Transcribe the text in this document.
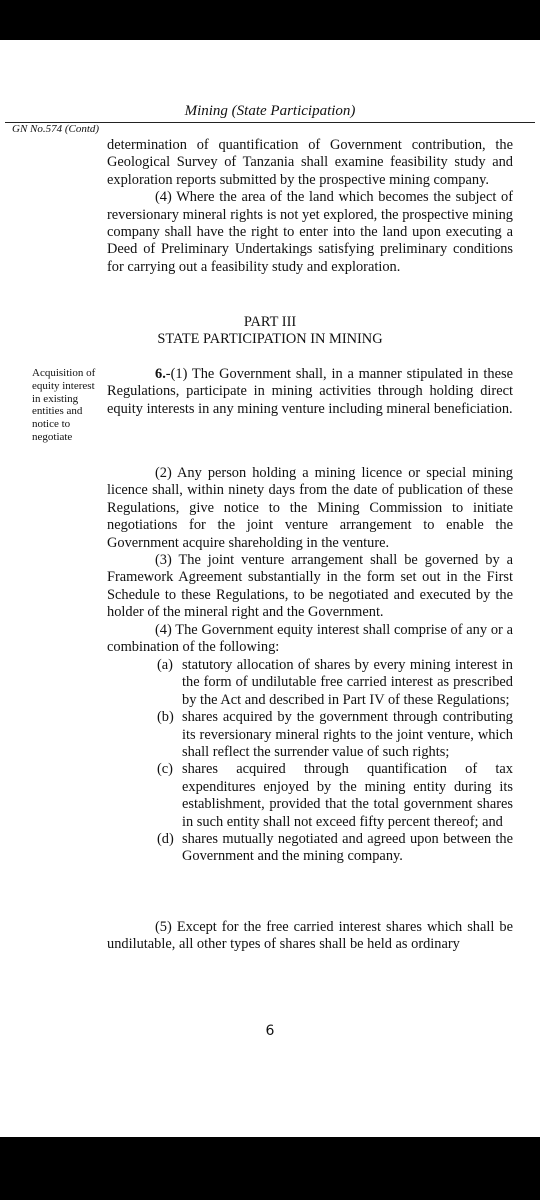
Mining (State Participation)
GN No.574 (Contd)

determination of quantification of Government contribution, the Geological Survey of Tanzania shall examine feasibility study and exploration reports submitted by the prospective mining company.

(4) Where the area of the land which becomes the subject of reversionary mineral rights is not yet explored, the prospective mining company shall have the right to enter into the land upon executing a Deed of Preliminary Undertakings satisfying preliminary conditions for carrying out a feasibility study and exploration.

PART III
STATE PARTICIPATION IN MINING
Acquisition of equity interest in existing entities and notice to negotiate

6.-(1) The Government shall, in a manner stipulated in these Regulations, participate in mining activities through holding direct equity interests in any mining venture including mineral beneficiation.

(2) Any person holding a mining licence or special mining licence shall, within ninety days from the date of publication of these Regulations, give notice to the Mining Commission to initiate negotiations for the joint venture arrangement to enable the Government acquire shareholding in the venture.

(3) The joint venture arrangement shall be governed by a Framework Agreement substantially in the form set out in the First Schedule to these Regulations, to be negotiated and executed by the holder of the mineral right and the Government.

(4) The Government equity interest shall comprise of any or a combination of the following:

(a) statutory allocation of shares by every mining interest in the form of undilutable free carried interest as prescribed by the Act and described in Part IV of these Regulations;
(b) shares acquired by the government through contributing its reversionary mineral rights to the joint venture, which shall reflect the surrender value of such rights;
(c) shares acquired through quantification of tax expenditures enjoyed by the mining entity during its establishment, provided that the total government shares in such entity shall not exceed fifty percent thereof; and
(d) shares mutually negotiated and agreed upon between the Government and the mining company.

(5) Except for the free carried interest shares which shall be undilutable, all other types of shares shall be held as ordinary

6
